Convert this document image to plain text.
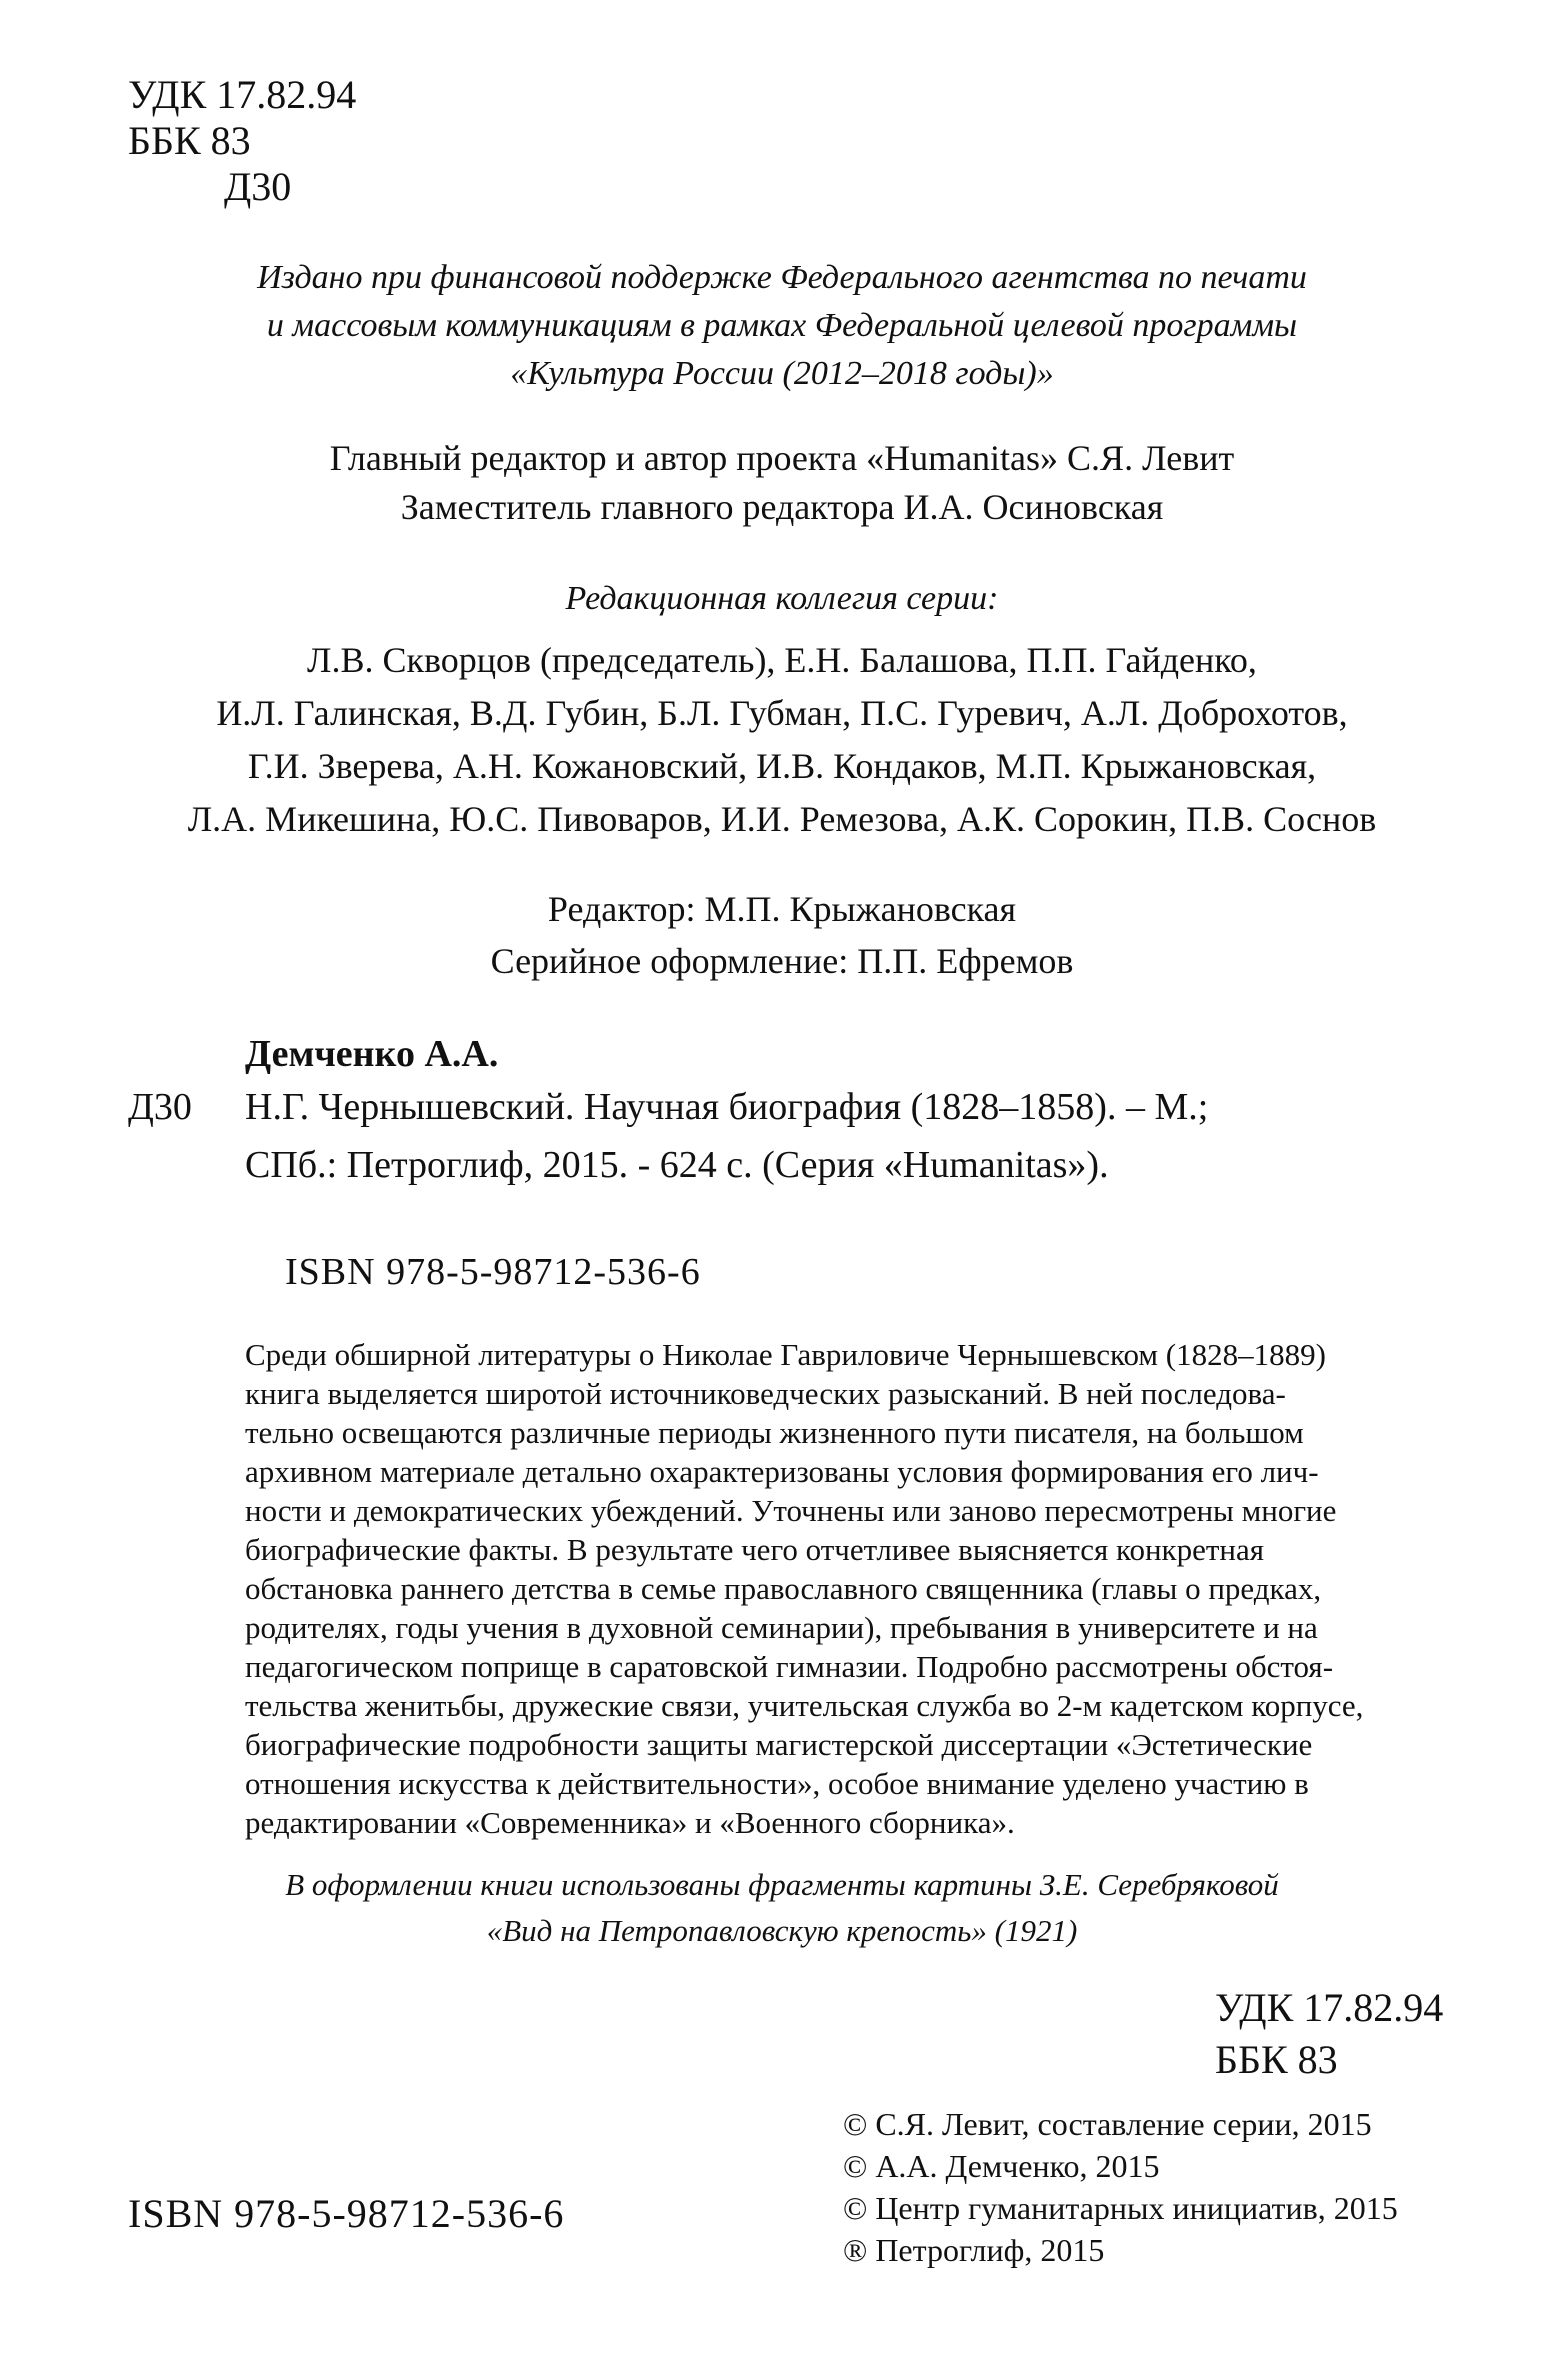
УДК 17.82.94
ББК 83
Д30
Издано при финансовой поддержке Федерального агентства по печати
и массовым коммуникациям в рамках Федеральной целевой программы
«Культура России (2012–2018 годы)»
Главный редактор и автор проекта «Humanitas» С.Я. Левит
Заместитель главного редактора И.А. Осиновская
Редакционная коллегия серии:
Л.В. Скворцов (председатель), Е.Н. Балашова, П.П. Гайденко,
И.Л. Галинская, В.Д. Губин, Б.Л. Губман, П.С. Гуревич, А.Л. Доброхотов,
Г.И. Зверева, А.Н. Кожановский, И.В. Кондаков, М.П. Крыжановская,
Л.А. Микешина, Ю.С. Пивоваров, И.И. Ремезова, А.К. Сорокин, П.В. Соснов
Редактор: М.П. Крыжановская
Серийное оформление: П.П. Ефремов
Демченко А.А.
Д30 Н.Г. Чернышевский. Научная биография (1828–1858). – М.;
СПб.: Петроглиф, 2015. - 624 с. (Серия «Humanitas»).
ISBN 978-5-98712-536-6
Среди обширной литературы о Николае Гавриловиче Чернышевском (1828–1889)
книга выделяется широтой источниковедческих разысканий. В ней последова-
тельно освещаются различные периоды жизненного пути писателя, на большом
архивном материале детально охарактеризованы условия формирования его лич-
ности и демократических убеждений. Уточнены или заново пересмотрены многие
биографические факты. В результате чего отчетливее выясняется конкретная
обстановка раннего детства в семье православного священника (главы о предках,
родителях, годы учения в духовной семинарии), пребывания в университете и на
педагогическом поприще в саратовской гимназии. Подробно рассмотрены обстоя-
тельства женитьбы, дружеские связи, учительская служба во 2-м кадетском корпусе,
биографические подробности защиты магистерской диссертации «Эстетические
отношения искусства к действительности», особое внимание уделено участию в
редактировании «Современника» и «Военного сборника».
В оформлении книги использованы фрагменты картины З.Е. Серебряковой
«Вид на Петропавловскую крепость» (1921)
УДК 17.82.94
ББК 83
ISBN 978-5-98712-536-6
© С.Я. Левит, составление серии, 2015
© А.А. Демченко, 2015
© Центр гуманитарных инициатив, 2015
® Петроглиф, 2015
